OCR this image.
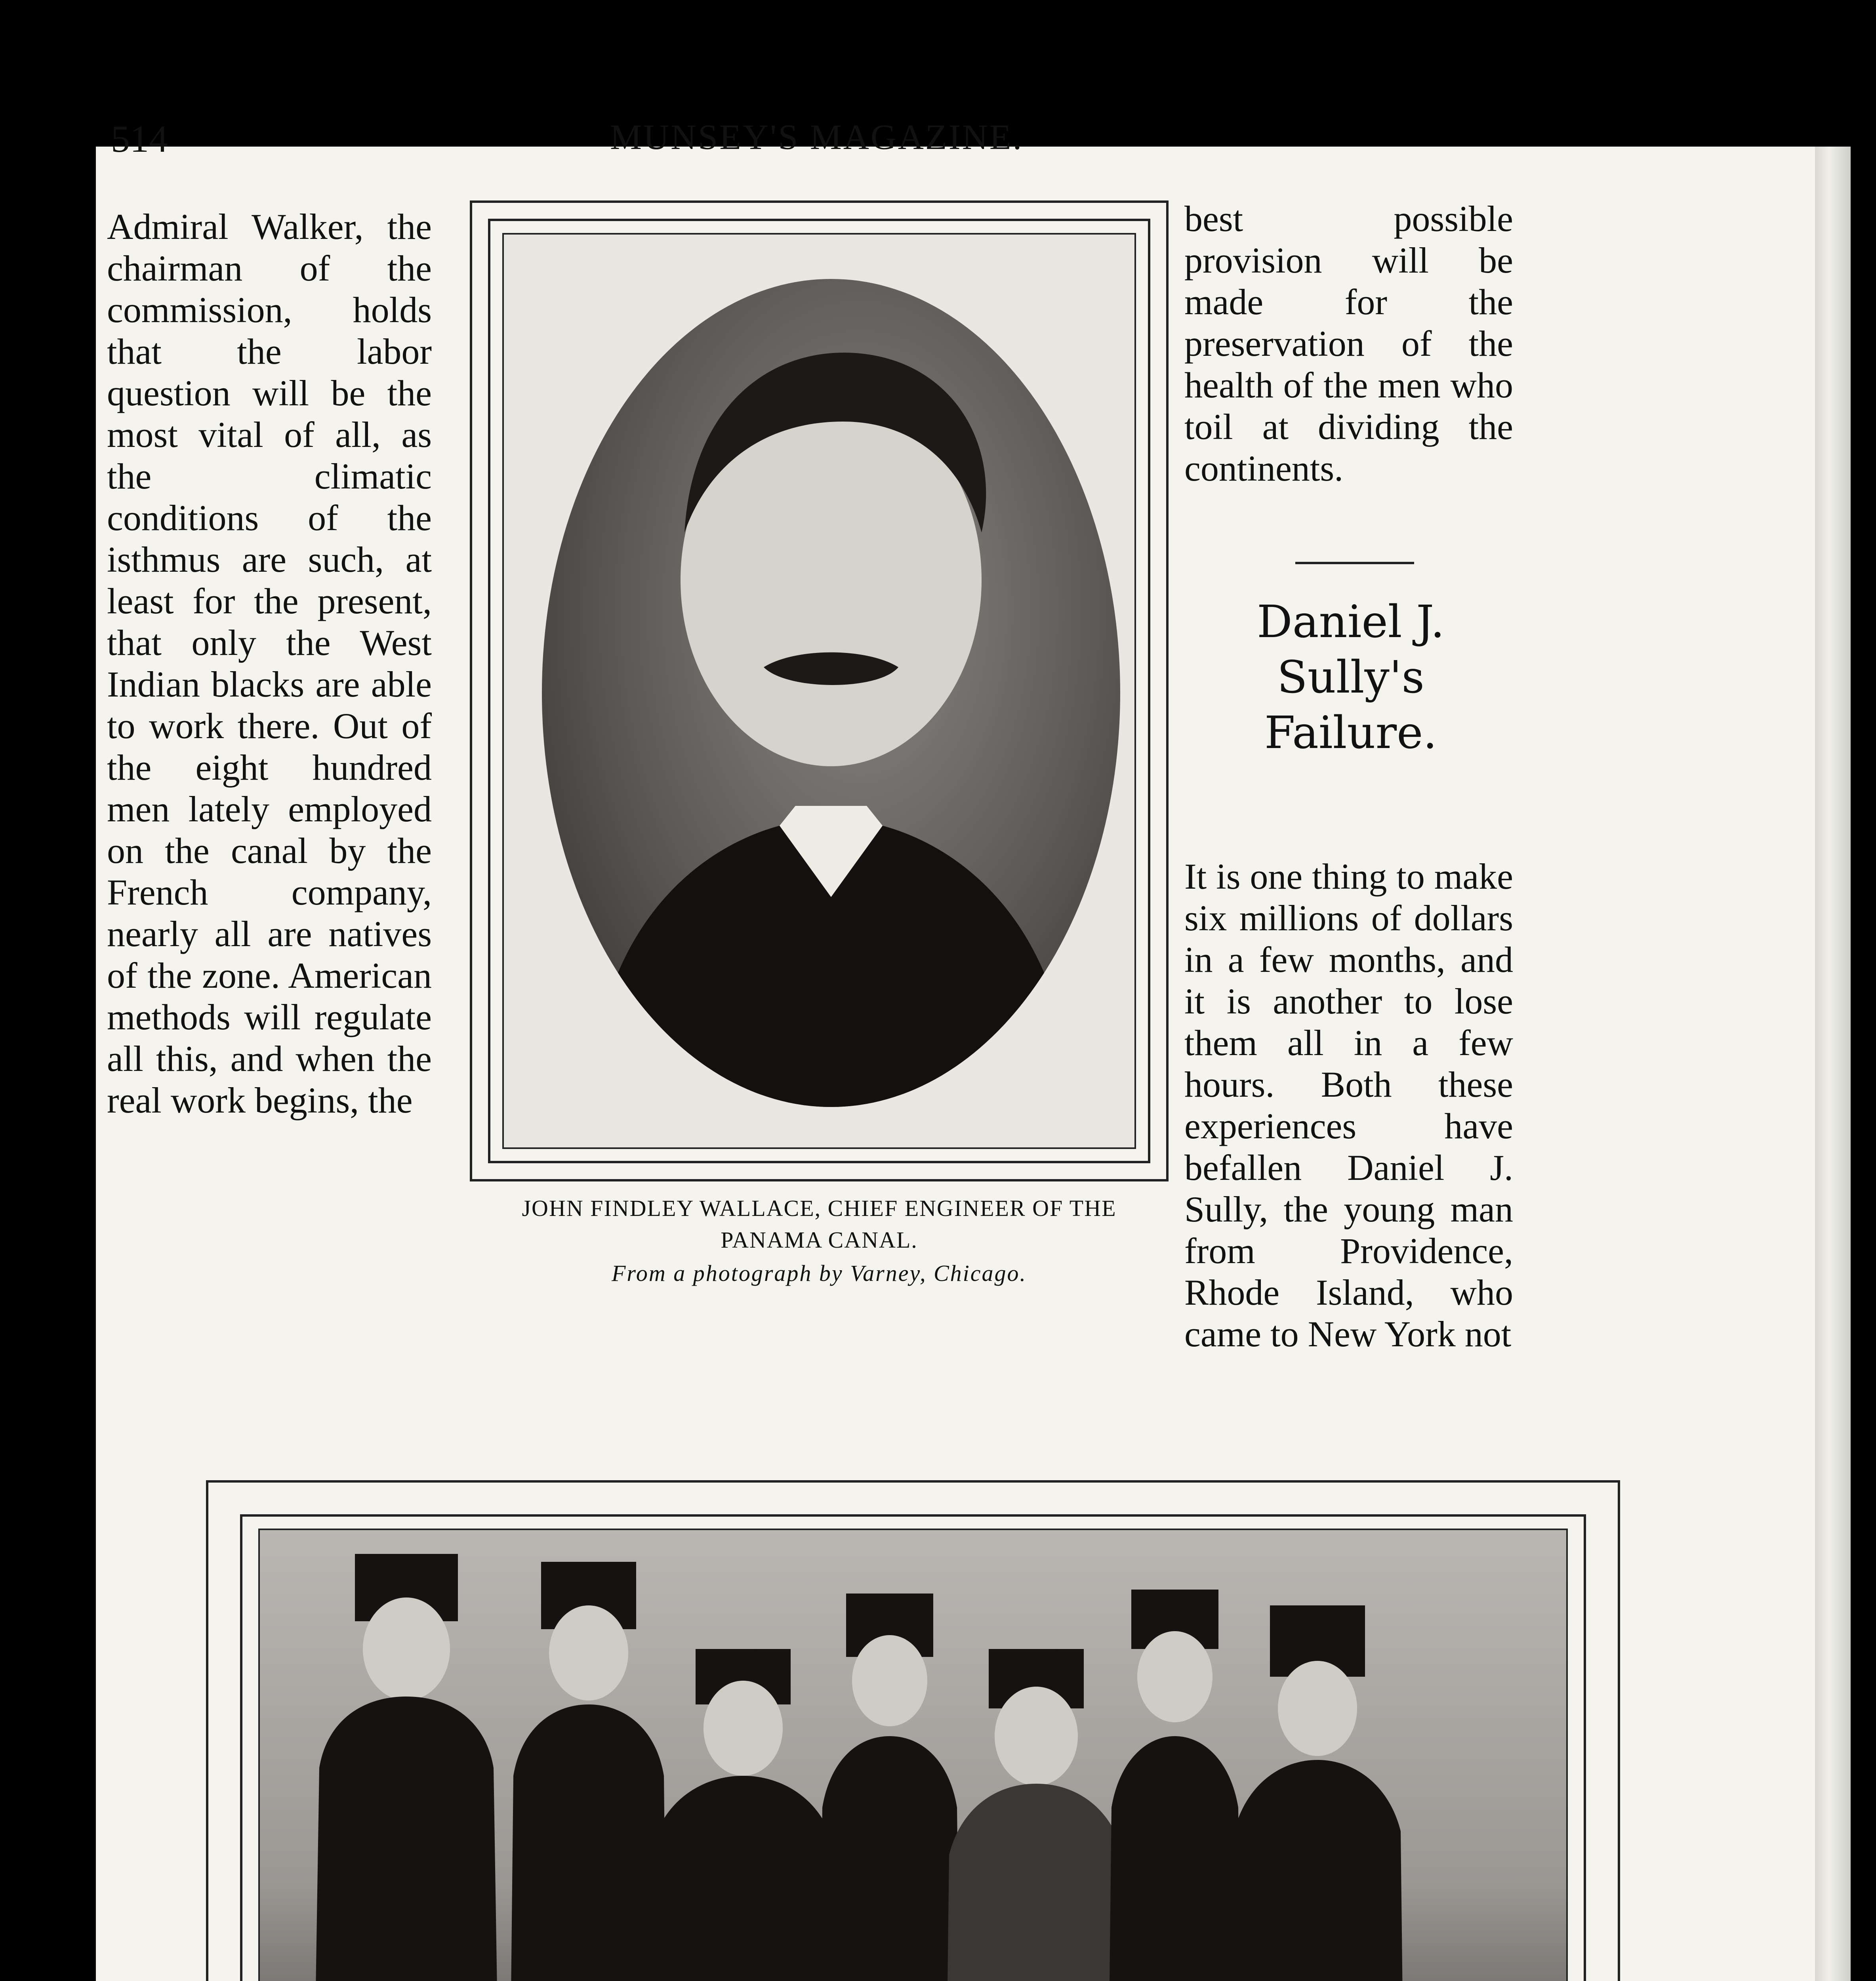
514	MUNSEY'S MAGAZINE.
Admiral Walker, the chairman of the commission, holds that the labor question will be the most vital of all, as the climatic conditions of the isthmus are such, at least for the present, that only the West Indian blacks are able to work there. Out of the eight hundred men lately employed on the canal by the French company, nearly all are natives of the zone. American methods will regulate all this, and when the real work begins, the
best possible provision will be made for the preservation of the health of the men who toil at dividing the continents.
Daniel J. Sully's Failure.
It is one thing to make six millions of dollars in a few months, and it is another to lose them all in a few hours. Both these experiences have befallen Daniel J. Sully, the young man from Providence, Rhode Island, who came to New York not
JOHN FINDLEY WALLACE, CHIEF ENGINEER OF THE PANAMA CANAL.
From a photograph by Varney, Chicago.
